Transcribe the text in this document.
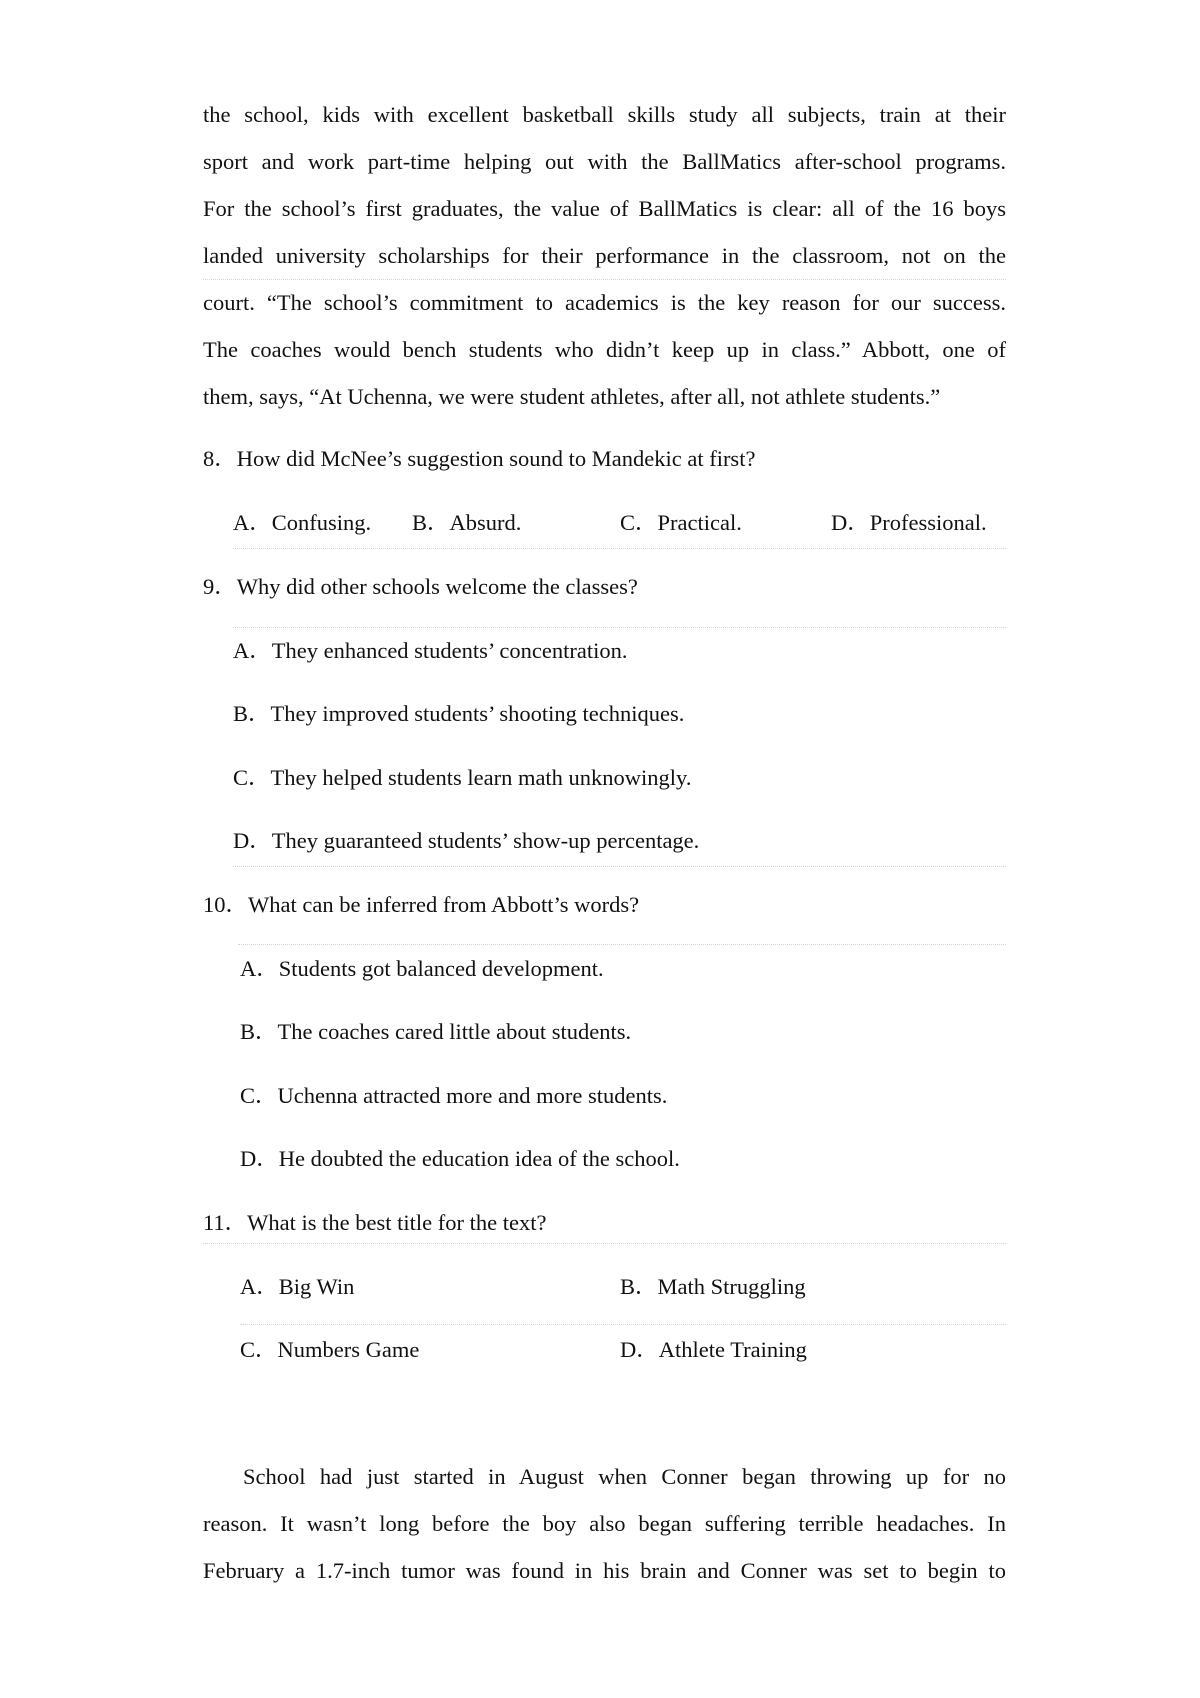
the school, kids with excellent basketball skills study all subjects, train at their
sport and work part-time helping out with the BallMatics after-school programs.
For the school’s first graduates, the value of BallMatics is clear: all of the 16 boys
landed university scholarships for their performance in the classroom, not on the
court. “The school’s commitment to academics is the key reason for our success.
The coaches would bench students who didn’t keep up in class.” Abbott, one of
them, says, “At Uchenna, we were student athletes, after all, not athlete students.”
8．How did McNee’s suggestion sound to Mandekic at first?
A．Confusing. B．Absurd.	C．Practical.	D．Professional.
9．Why did other schools welcome the classes?
A．They enhanced students’ concentration.
B．They improved students’ shooting techniques.
C．They helped students learn math unknowingly.
D．They guaranteed students’ show-up percentage.
10．What can be inferred from Abbott’s words?
A．Students got balanced development.
B．The coaches cared little about students.
C．Uchenna attracted more and more students.
D．He doubted the education idea of the school.
11．What is the best title for the text?
A．Big Win	B．Math Struggling
C．Numbers Game	D．Athlete Training
School had just started in August when Conner began throwing up for no
reason. It wasn’t long before the boy also began suffering terrible headaches. In
February a 1.7-inch tumor was found in his brain and Conner was set to begin to
